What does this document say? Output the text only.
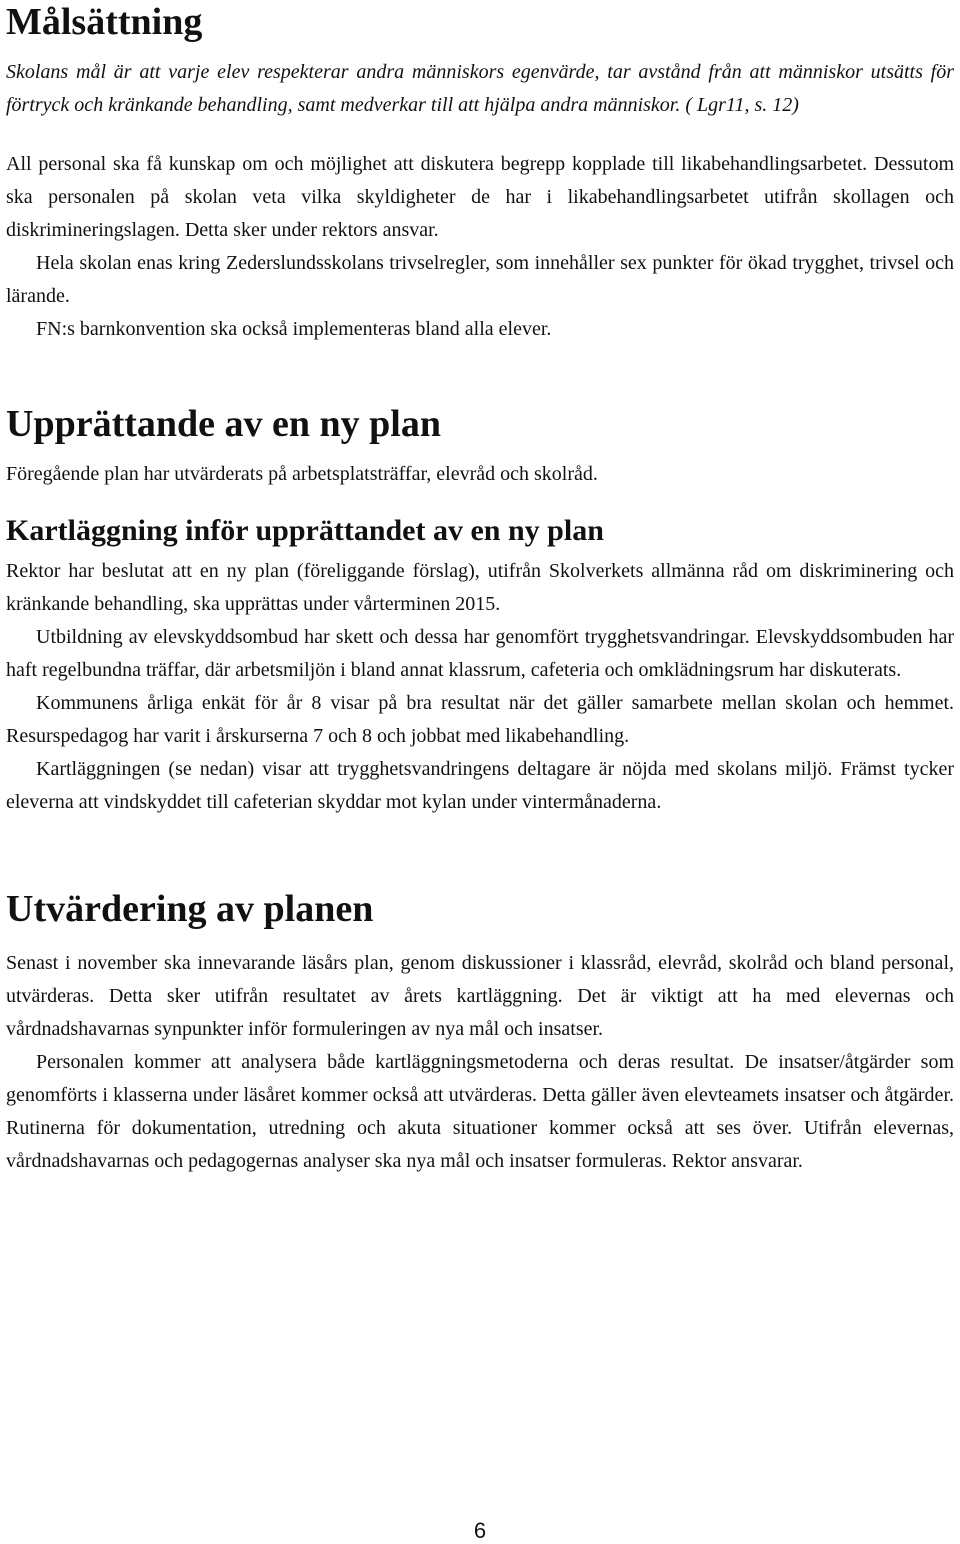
Målsättning

Skolans mål är att varje elev respekterar andra människors egenvärde, tar avstånd från att människor utsätts för förtryck och kränkande behandling, samt medverkar till att hjälpa andra människor. ( Lgr11, s. 12)

All personal ska få kunskap om och möjlighet att diskutera begrepp kopplade till likabehandlingsarbetet. Dessutom ska personalen på skolan veta vilka skyldigheter de har i likabehandlingsarbetet utifrån skollagen och diskrimineringslagen. Detta sker under rektors ansvar.

Hela skolan enas kring Zederslundsskolans trivselregler, som innehåller sex punkter för ökad trygghet, trivsel och lärande.

FN:s barnkonvention ska också implementeras bland alla elever.

Upprättande av en ny plan

Föregående plan har utvärderats på arbetsplatsträffar, elevråd och skolråd.

Kartläggning inför upprättandet av en ny plan

Rektor har beslutat att en ny plan (föreliggande förslag), utifrån Skolverkets allmänna råd om diskriminering och kränkande behandling, ska upprättas under vårterminen 2015.

Utbildning av elevskyddsombud har skett och dessa har genomfört trygghetsvandringar. Elevskyddsombuden har haft regelbundna träffar, där arbetsmiljön i bland annat klassrum, cafeteria och omklädningsrum har diskuterats.

Kommunens årliga enkät för år 8 visar på bra resultat när det gäller samarbete mellan skolan och hemmet. Resurspedagog har varit i årskurserna 7 och 8 och jobbat med likabehandling.

Kartläggningen (se nedan) visar att trygghetsvandringens deltagare är nöjda med skolans miljö. Främst tycker eleverna att vindskyddet till cafeterian skyddar mot kylan under vintermånaderna.

Utvärdering av planen

Senast i november ska innevarande läsårs plan, genom diskussioner i klassråd, elevråd, skolråd och bland personal, utvärderas. Detta sker utifrån resultatet av årets kartläggning. Det är viktigt att ha med elevernas och vårdnadshavarnas synpunkter inför formuleringen av nya mål och insatser.

Personalen kommer att analysera både kartläggningsmetoderna och deras resultat. De insatser/åtgärder som genomförts i klasserna under läsåret kommer också att utvärderas. Detta gäller även elevteamets insatser och åtgärder. Rutinerna för dokumentation, utredning och akuta situationer kommer också att ses över. Utifrån elevernas, vårdnadshavarnas och pedagogernas analyser ska nya mål och insatser formuleras. Rektor ansvarar.

6
